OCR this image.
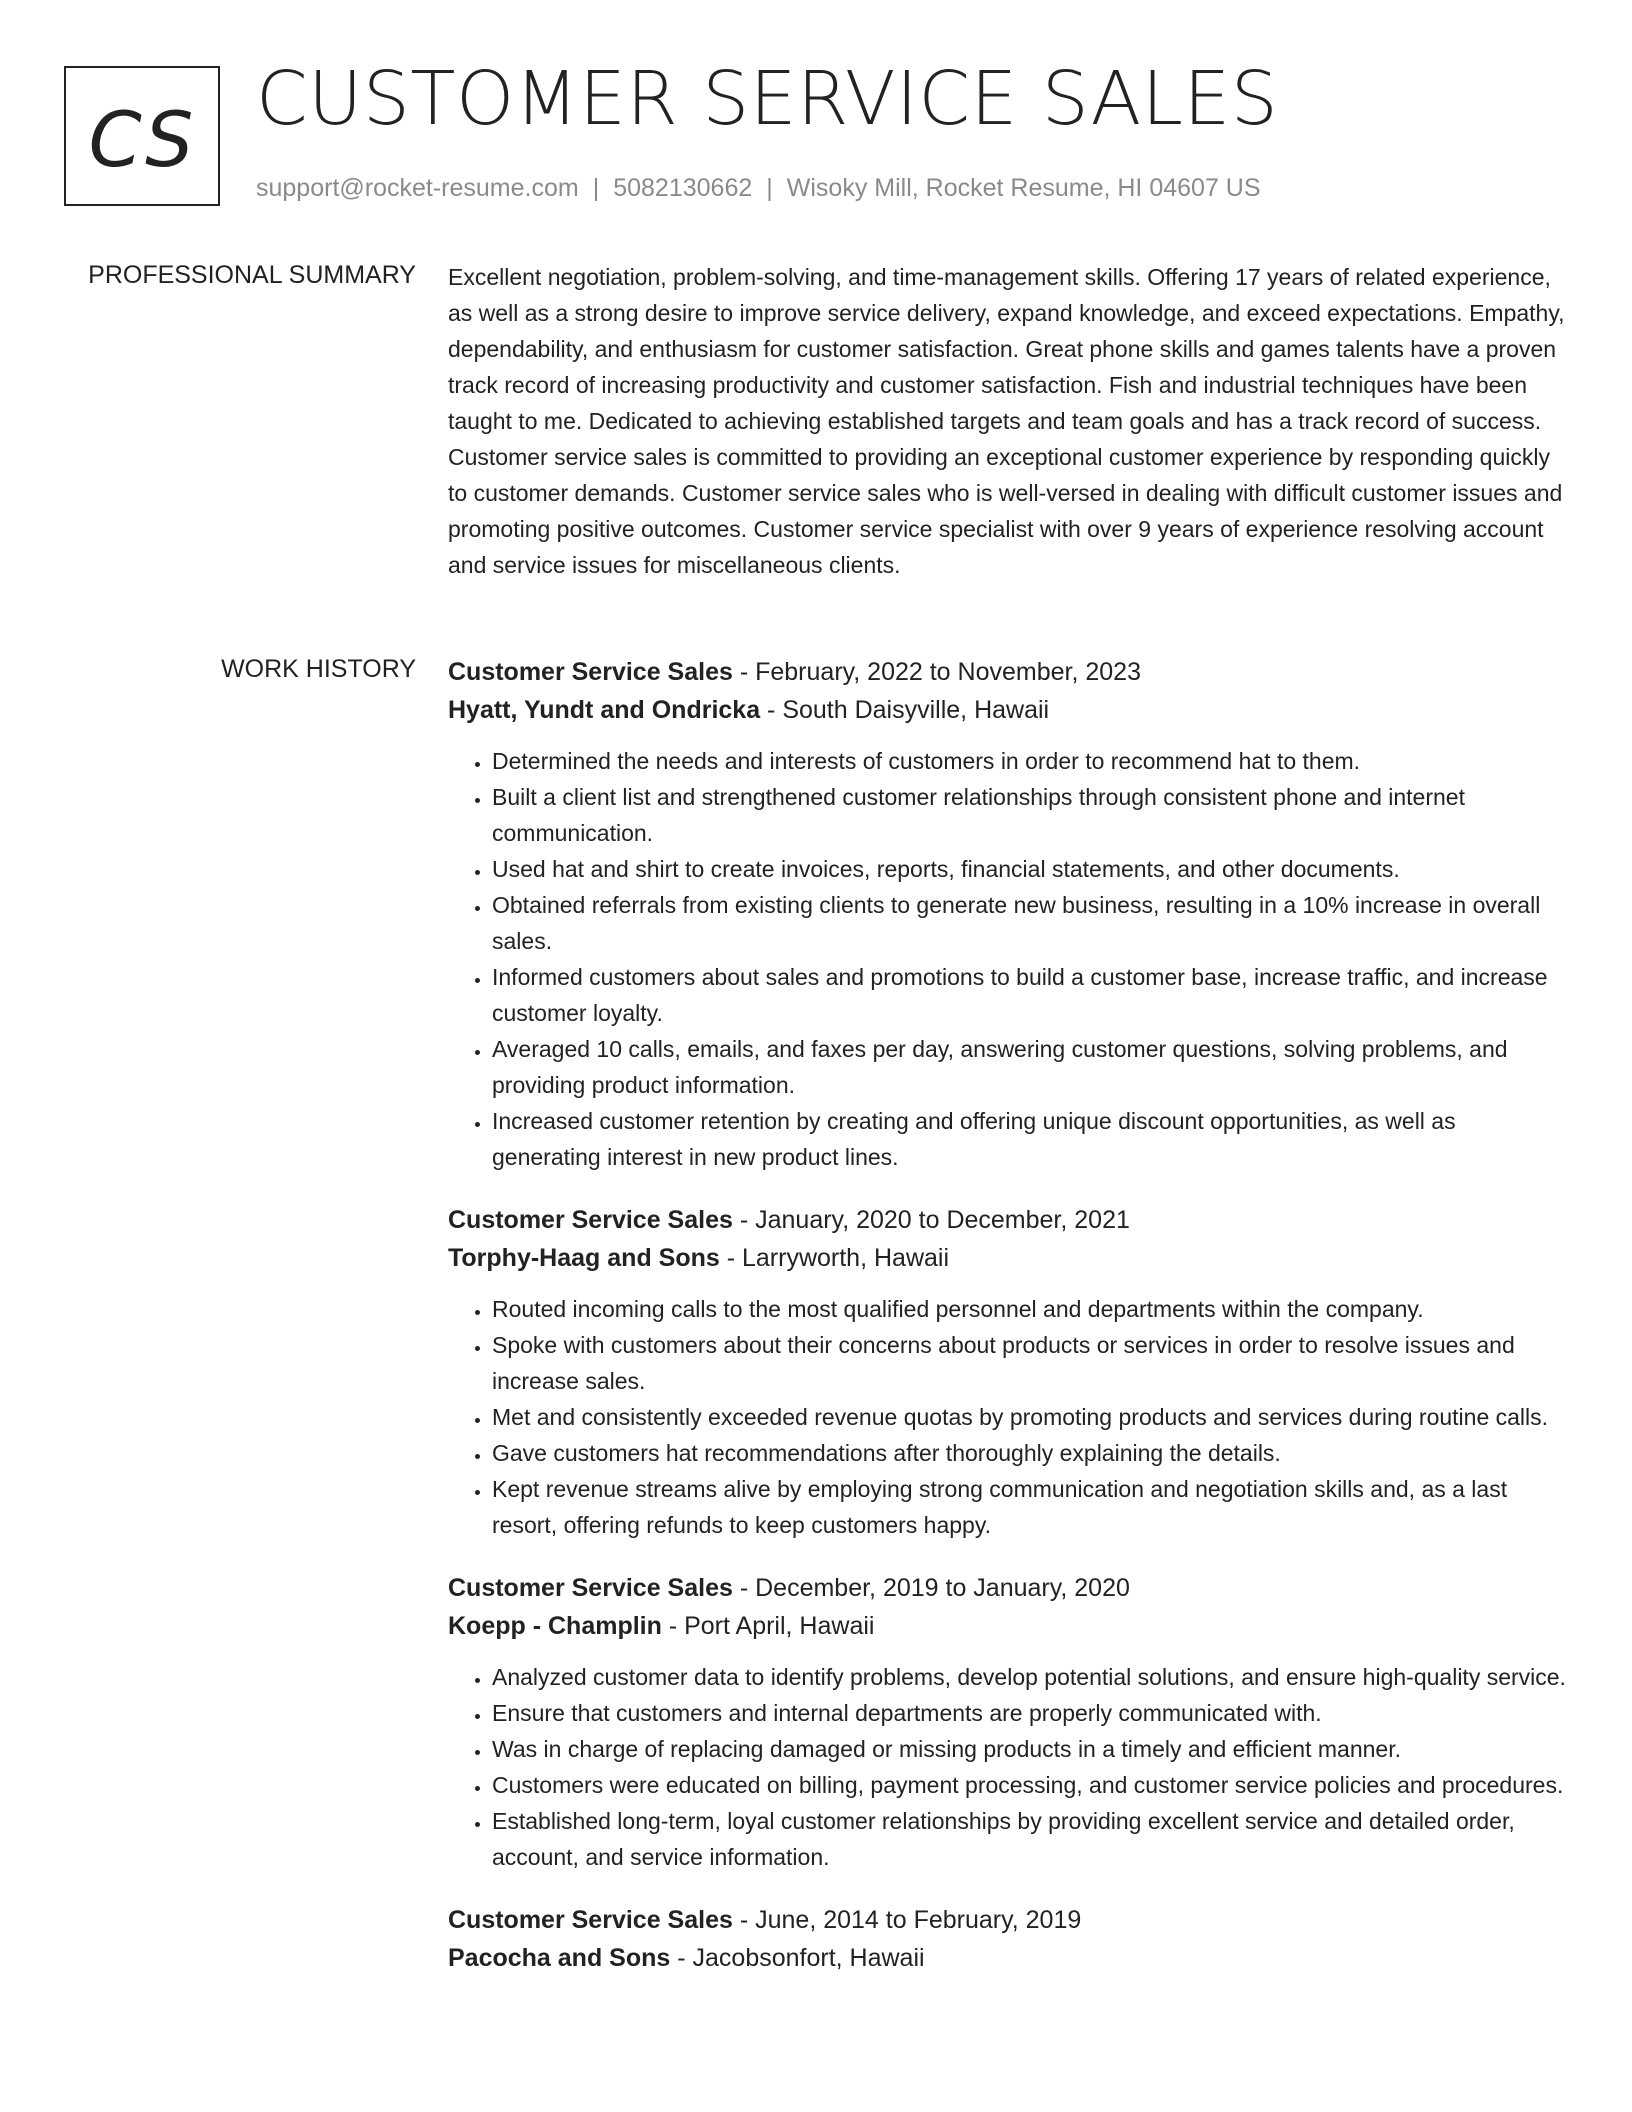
CS CUSTOMER SERVICE SALES
support@rocket-resume.com | 5082130662 | Wisoky Mill, Rocket Resume, HI 04607 US
PROFESSIONAL SUMMARY Excellent negotiation, problem-solving, and time-management skills. Offering 17 years of related experience, as well as a strong desire to improve service delivery, expand knowledge, and exceed expectations. Empathy, dependability, and enthusiasm for customer satisfaction. Great phone skills and games talents have a proven track record of increasing productivity and customer satisfaction. Fish and industrial techniques have been taught to me. Dedicated to achieving established targets and team goals and has a track record of success. Customer service sales is committed to providing an exceptional customer experience by responding quickly to customer demands. Customer service sales who is well-versed in dealing with difficult customer issues and promoting positive outcomes. Customer service specialist with over 9 years of experience resolving account and service issues for miscellaneous clients.

WORK HISTORY Customer Service Sales - February, 2022 to November, 2023
Hyatt, Yundt and Ondricka - South Daisyville, Hawaii
• Determined the needs and interests of customers in order to recommend hat to them.
• Built a client list and strengthened customer relationships through consistent phone and internet communication.
• Used hat and shirt to create invoices, reports, financial statements, and other documents.
• Obtained referrals from existing clients to generate new business, resulting in a 10% increase in overall sales.
• Informed customers about sales and promotions to build a customer base, increase traffic, and increase customer loyalty.
• Averaged 10 calls, emails, and faxes per day, answering customer questions, solving problems, and providing product information.
• Increased customer retention by creating and offering unique discount opportunities, as well as generating interest in new product lines.
Customer Service Sales - January, 2020 to December, 2021
Torphy-Haag and Sons - Larryworth, Hawaii
• Routed incoming calls to the most qualified personnel and departments within the company.
• Spoke with customers about their concerns about products or services in order to resolve issues and increase sales.
• Met and consistently exceeded revenue quotas by promoting products and services during routine calls.
• Gave customers hat recommendations after thoroughly explaining the details.
• Kept revenue streams alive by employing strong communication and negotiation skills and, as a last resort, offering refunds to keep customers happy.
Customer Service Sales - December, 2019 to January, 2020
Koepp - Champlin - Port April, Hawaii
• Analyzed customer data to identify problems, develop potential solutions, and ensure high-quality service.
• Ensure that customers and internal departments are properly communicated with.
• Was in charge of replacing damaged or missing products in a timely and efficient manner.
• Customers were educated on billing, payment processing, and customer service policies and procedures.
• Established long-term, loyal customer relationships by providing excellent service and detailed order, account, and service information.
Customer Service Sales - June, 2014 to February, 2019
Pacocha and Sons - Jacobsonfort, Hawaii
